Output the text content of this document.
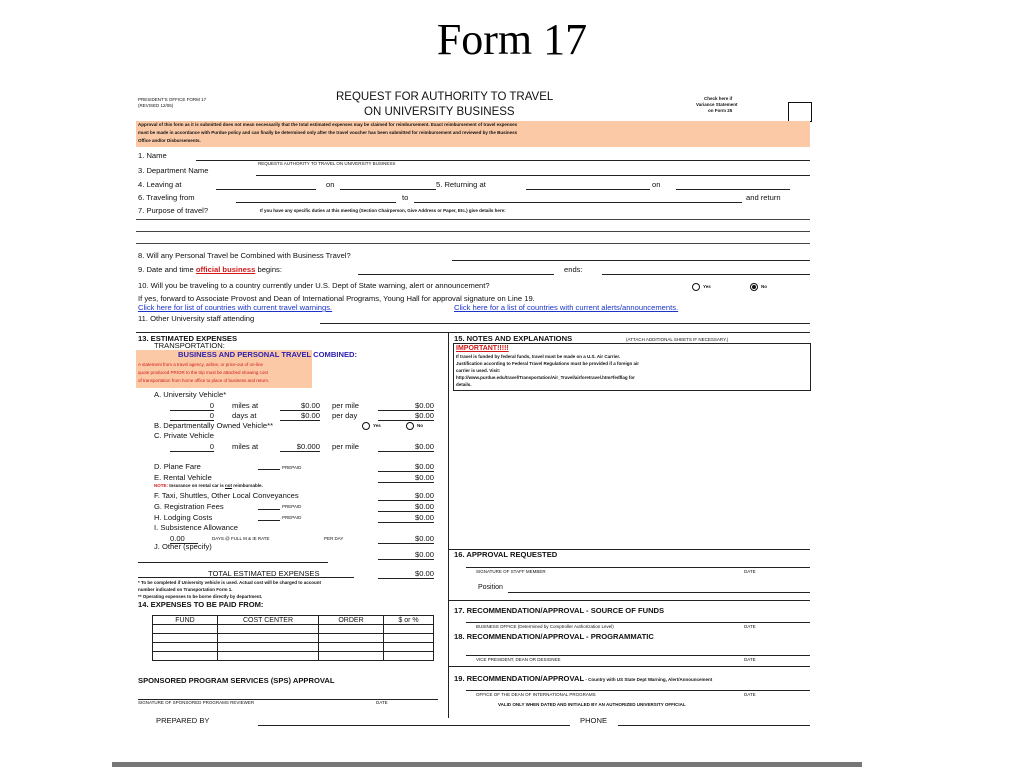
Form 17
PRESIDENT'S OFFICE FORM 17
(REVISED 12/06)
REQUEST FOR AUTHORITY TO TRAVEL
ON UNIVERSITY BUSINESS
Check here if
Variance Statement
on Form 25
Approval of this form as it is submitted does not mean necessarily that the total estimated expenses may be claimed for reimbursement. Exact reimbursement of travel expenses
must be made in accordance with Purdue policy and can finally be determined only after the travel voucher has been submitted for reimbursement and reviewed by the Business
Office and/or Disbursements.
1. Name
REQUESTS AUTHORITY TO TRAVEL ON UNIVERSITY BUSINESS
3. Department Name
4. Leaving at	on	5. Returning at	on
6. Traveling from	to	and return
7. Purpose of travel?	If you have any specific duties at this meeting (Section Chairperson, Give Address or Paper, Etc.) give details here:
8. Will any Personal Travel be Combined with Business Travel?
9. Date and time official business begins:	ends:
10. Will you be traveling to a country currently under U.S. Dept of State warning, alert or announcement?	Yes	No
If yes, forward to Associate Provost and Dean of International Programs, Young Hall for approval signature on Line 19.
Click here for list of countries with current travel warnings.	Click here for a list of countries with current alerts/announcements.
11. Other University staff attending
13. ESTIMATED EXPENSES
TRANSPORTATION:
BUSINESS AND PERSONAL TRAVEL COMBINED:
A statement from a travel agency, airline, or price-out of on-line
quote produced PRIOR to the trip must be attached showing cost
of transportation from home office to place of business and return.
A. University Vehicle*
0 miles at	$0.00 per mile	$0.00
0 days at	$0.00 per day	$0.00
B. Departmentally Owned Vehicle**	Yes	No
C. Private Vehicle
0 miles at	$0.000 per mile	$0.00
D. Plane Fare	PREPAID	$0.00
E. Rental Vehicle	$0.00
NOTE: Insurance on rental car is not reimbursable.
F. Taxi, Shuttles, Other Local Conveyances	$0.00
G. Registration Fees	PREPAID	$0.00
H. Lodging Costs	PREPAID	$0.00
I. Subsistence Allowance
0.00	DAYS @ FULL M & IE RATE	PER DAY	$0.00
J. Other (specify)
$0.00
TOTAL ESTIMATED EXPENSES	$0.00
* To be completed if University vehicle is used. Actual cost will be charged to account
number indicated on Transportation Form 1.
** Operating expenses to be borne directly by department.
14. EXPENSES TO BE PAID FROM:
FUND	COST CENTER	ORDER	$ or %

SPONSORED PROGRAM SERVICES (SPS) APPROVAL
SIGNATURE OF SPONSORED PROGRAMS REVIEWER	DATE
15. NOTES AND EXPLANATIONS	(ATTACH ADDITIONAL SHEETS IF NECESSARY.)
IMPORTANT!!!!!
If travel is funded by federal funds, travel must be made on a U.S. Air Carrier.
Justification according to Federal Travel Regulations must be provided if a foreign air
carrier is used. Visit:
http://www.purdue.edu/travel/Transportation/Air_Travel/airforetravel.htm#fedflag for
details.
16. APPROVAL REQUESTED
SIGNATURE OF STAFF MEMBER	DATE
Position
17. RECOMMENDATION/APPROVAL - SOURCE OF FUNDS
BUSINESS OFFICE (Determined by Comptroller Authorization Level)	DATE
18. RECOMMENDATION/APPROVAL - PROGRAMMATIC
VICE PRESIDENT, DEAN OR DESIGNEE	DATE
19. RECOMMENDATION/APPROVAL - Country with US State Dept Warning, Alert/Announcement
OFFICE OF THE DEAN OF INTERNATIONAL PROGRAMS	DATE
VALID ONLY WHEN DATED AND INITIALED BY AN AUTHORIZED UNIVERSITY OFFICIAL
PREPARED BY	PHONE
